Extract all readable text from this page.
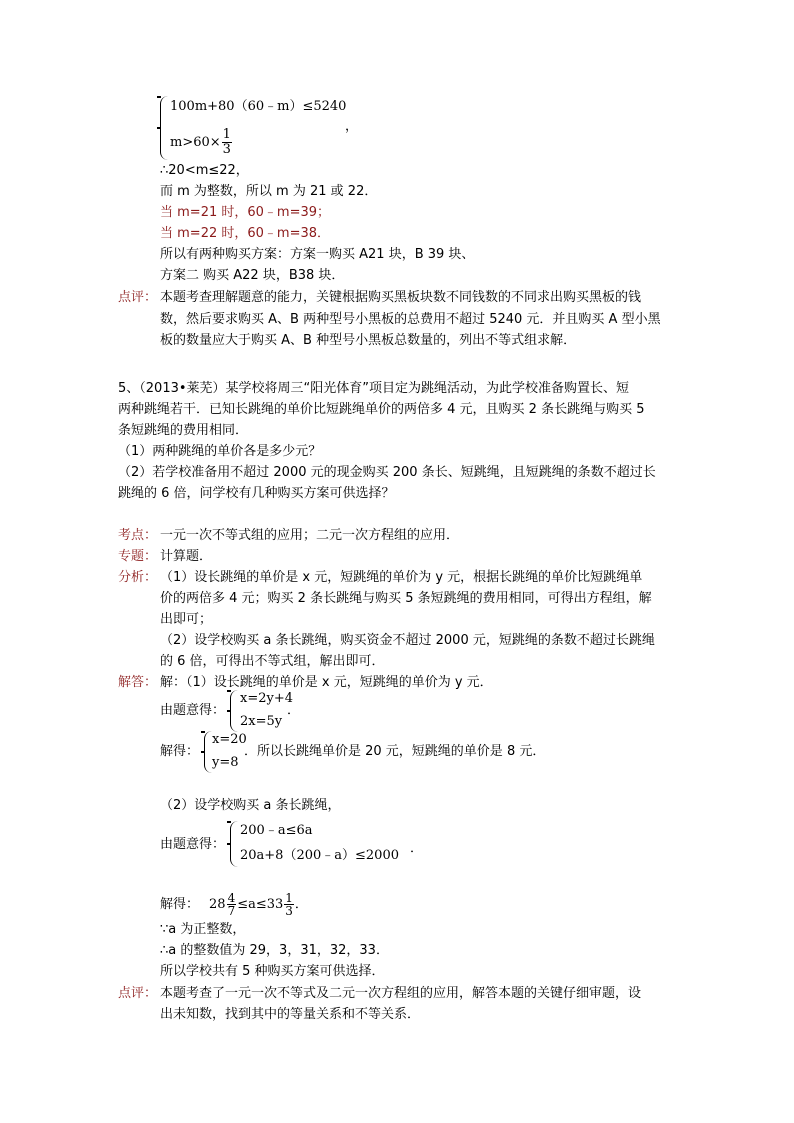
100m+80（60﹣m）≤5240
$m>60\times \frac{1}{3}$
，
∴20<m≤22，
而 m 为整数，所以 m 为 21 或 22．
当 m=21 时，60﹣m=39；
当 m=22 时，60﹣m=38．
所以有两种购买方案：方案一购买 A21 块，B 39 块、
方案二 购买 A22 块，B38 块．
点评： 本题考查理解题意的能力，关键根据购买黑板块数不同钱数的不同求出购买黑板的钱
数，然后要求购买 A、B 两种型号小黑板的总费用不超过 5240 元．并且购买 A 型小黑
板的数量应大于购买 A、B 种型号小黑板总数量的，列出不等式组求解．
5、（2013•莱芜）某学校将周三“阳光体育”项目定为跳绳活动，为此学校准备购置长、短
两种跳绳若干．已知长跳绳的单价比短跳绳单价的两倍多 4 元，且购买 2 条长跳绳与购买 5
条短跳绳的费用相同．
（1）两种跳绳的单价各是多少元？
（2）若学校准备用不超过 2000 元的现金购买 200 条长、短跳绳，且短跳绳的条数不超过长
跳绳的 6 倍，问学校有几种购买方案可供选择？
考点： 一元一次不等式组的应用；二元一次方程组的应用．
专题： 计算题．
分析： （1）设长跳绳的单价是 x 元，短跳绳的单价为 y 元，根据长跳绳的单价比短跳绳单
价的两倍多 4 元；购买 2 条长跳绳与购买 5 条短跳绳的费用相同，可得出方程组，解
出即可；
（2）设学校购买 a 条长跳绳，购买资金不超过 2000 元，短跳绳的条数不超过长跳绳
的 6 倍，可得出不等式组，解出即可．
解答： 解：（1）设长跳绳的单价是 x 元，短跳绳的单价为 y 元．
由题意得：
x=2y+4
2x=5y
．
解得：
x=20
y=8
．所以长跳绳单价是 20 元，短跳绳的单价是 8 元．
（2）设学校购买 a 条长跳绳，
由题意得：
200﹣a≤6a
20a+8（200﹣a）≤2000 ．
解得： $28 \frac{4}{7} \le a\le 33 \frac{1}{3}$ ．
∵a 为正整数，
∴a 的整数值为 29，3，31，32，33．
所以学校共有 5 种购买方案可供选择．
点评： 本题考查了一元一次不等式及二元一次方程组的应用，解答本题的关键仔细审题，设
出未知数，找到其中的等量关系和不等关系．
